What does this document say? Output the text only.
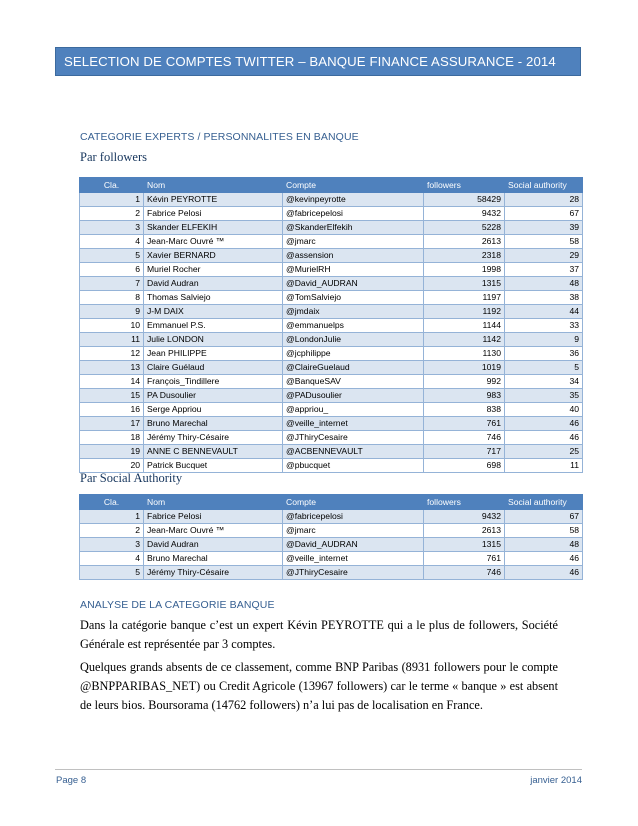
SELECTION DE COMPTES TWITTER – BANQUE FINANCE ASSURANCE - 2014
CATEGORIE EXPERTS / PERSONNALITES EN BANQUE
Par followers
Cla.	Nom	Compte	followers	Social authority
1	Kévin PEYROTTE	@kevinpeyrotte	58429	28
2	Fabrice Pelosi	@fabricepelosi	9432	67
3	Skander ELFEKIH	@SkanderElfekih	5228	39
4	Jean-Marc Ouvré ™	@jmarc	2613	58
5	Xavier BERNARD	@assension	2318	29
6	Muriel Rocher	@MurielRH	1998	37
7	David Audran	@David_AUDRAN	1315	48
8	Thomas Salviejo	@TomSalviejo	1197	38
9	J-M DAIX	@jmdaix	1192	44
10	Emmanuel P.S.	@emmanuelps	1144	33
11	Julie LONDON	@LondonJulie	1142	9
12	Jean PHILIPPE	@jcphilippe	1130	36
13	Claire Guélaud	@ClaireGuelaud	1019	5
14	François_Tindillere	@BanqueSAV	992	34
15	PA Dusoulier	@PADusoulier	983	35
16	Serge Appriou	@appriou_	838	40
17	Bruno Marechal	@veille_internet	761	46
18	Jérémy Thiry-Césaire	@JThiryCesaire	746	46
19	ANNE C BENNEVAULT	@ACBENNEVAULT	717	25
20	Patrick Bucquet	@pbucquet	698	11
Par Social Authority
Cla.	Nom	Compte	followers	Social authority
1	Fabrice Pelosi	@fabricepelosi	9432	67
2	Jean-Marc Ouvré ™	@jmarc	2613	58
3	David Audran	@David_AUDRAN	1315	48
4	Bruno Marechal	@veille_internet	761	46
5	Jérémy Thiry-Césaire	@JThiryCesaire	746	46
ANALYSE DE LA CATEGORIE BANQUE

Dans la catégorie banque c’est un expert Kévin PEYROTTE qui a le plus de followers, Société Générale est représentée par 3 comptes.

Quelques grands absents de ce classement, comme BNP Paribas (8931 followers pour le compte @BNPPARIBAS_NET) ou Credit Agricole (13967 followers) car le terme « banque » est absent de leurs bios. Boursorama (14762 followers) n’a lui pas de localisation en France.

Page 8	janvier 2014
